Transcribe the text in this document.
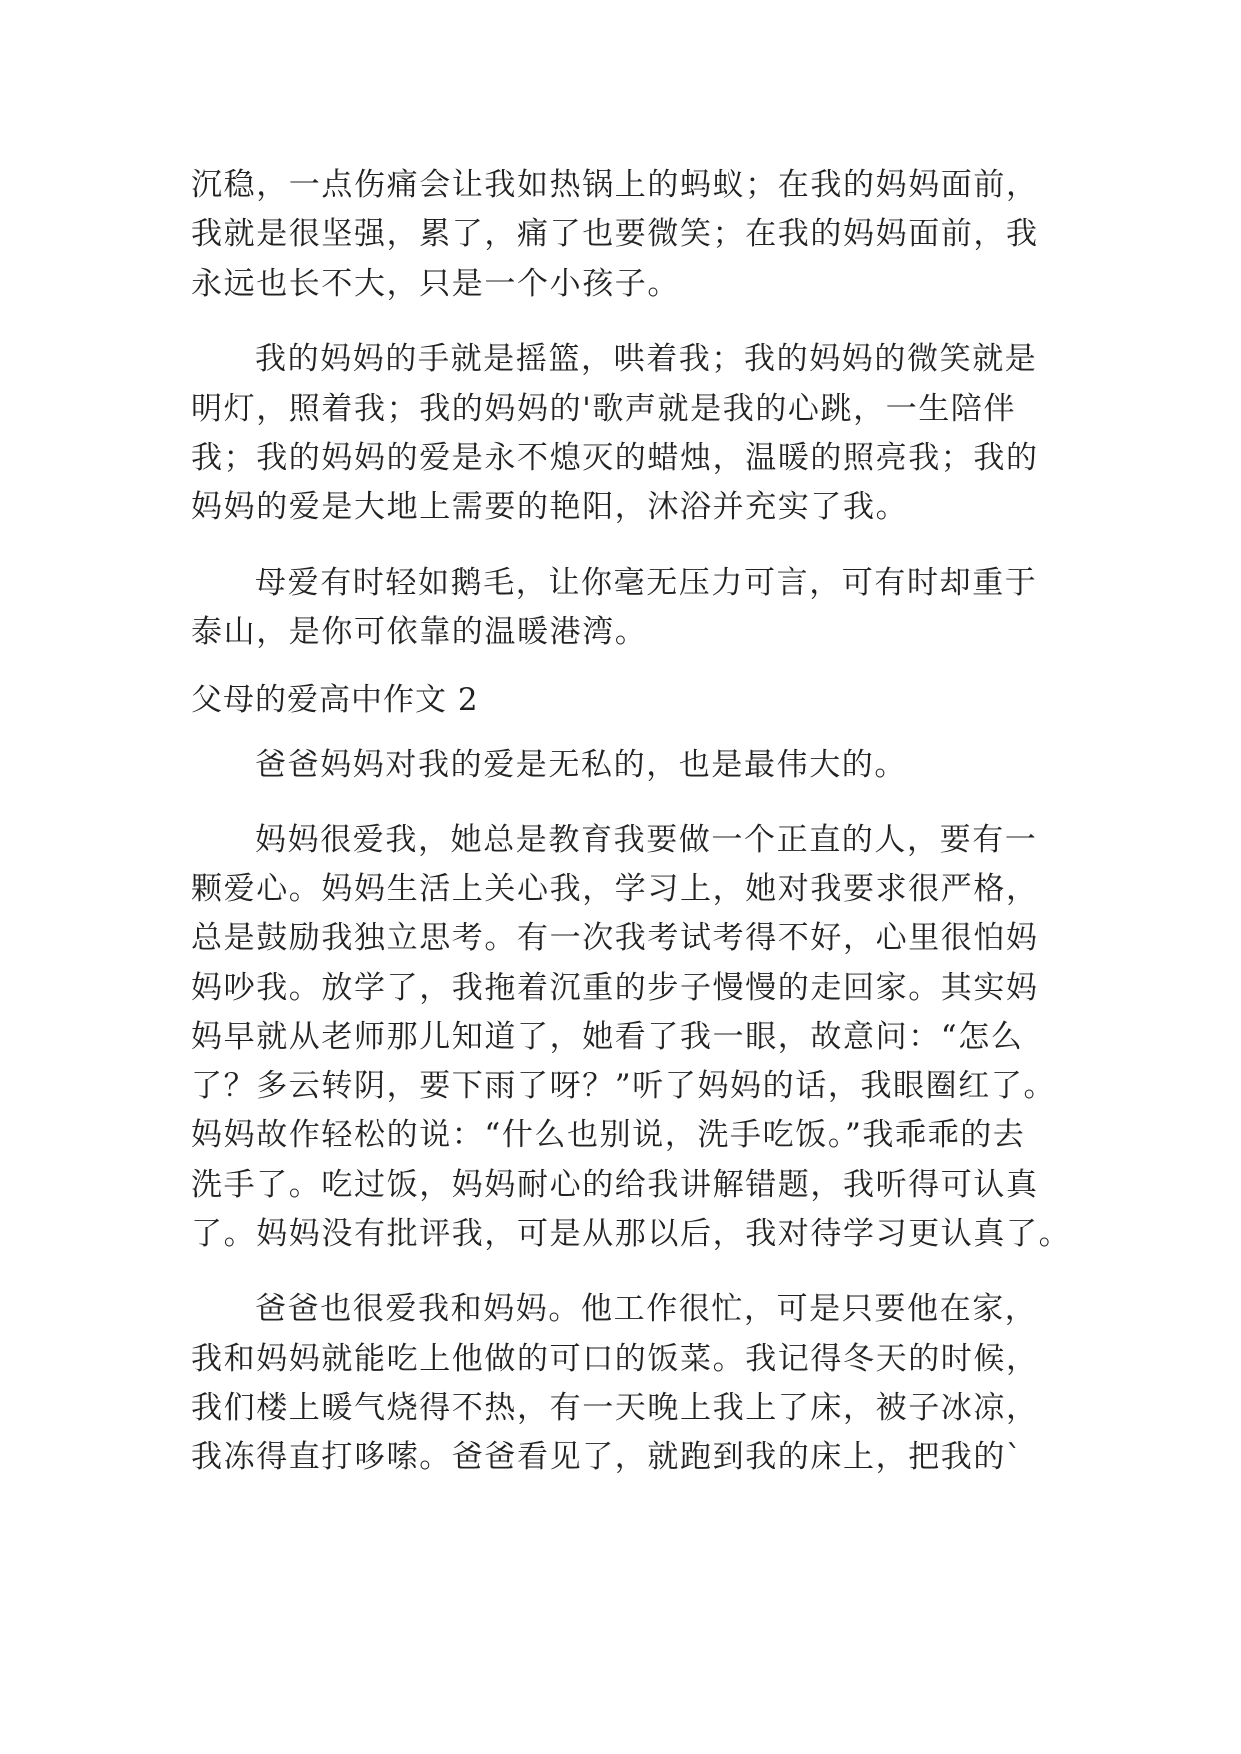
沉稳，一点伤痛会让我如热锅上的蚂蚁；在我的妈妈面前，
我就是很坚强，累了，痛了也要微笑；在我的妈妈面前，我
永远也长不大，只是一个小孩子。
我的妈妈的手就是摇篮，哄着我；我的妈妈的微笑就是
明灯，照着我；我的妈妈的'歌声就是我的心跳，一生陪伴
我；我的妈妈的爱是永不熄灭的蜡烛，温暖的照亮我；我的
妈妈的爱是大地上需要的艳阳，沐浴并充实了我。
母爱有时轻如鹅毛，让你毫无压力可言，可有时却重于
泰山，是你可依靠的温暖港湾。
父母的爱高中作文 2
爸爸妈妈对我的爱是无私的，也是最伟大的。
妈妈很爱我，她总是教育我要做一个正直的人，要有一
颗爱心。妈妈生活上关心我，学习上，她对我要求很严格，
总是鼓励我独立思考。有一次我考试考得不好，心里很怕妈
妈吵我。放学了，我拖着沉重的步子慢慢的走回家。其实妈
妈早就从老师那儿知道了，她看了我一眼，故意问：“怎么
了？多云转阴，要下雨了呀？”听了妈妈的话，我眼圈红了。
妈妈故作轻松的说：“什么也别说，洗手吃饭。”我乖乖的去
洗手了。吃过饭，妈妈耐心的给我讲解错题，我听得可认真
了。妈妈没有批评我，可是从那以后，我对待学习更认真了。
爸爸也很爱我和妈妈。他工作很忙，可是只要他在家，
我和妈妈就能吃上他做的可口的饭菜。我记得冬天的时候，
我们楼上暖气烧得不热，有一天晚上我上了床，被子冰凉，
我冻得直打哆嗦。爸爸看见了，就跑到我的床上，把我的`
